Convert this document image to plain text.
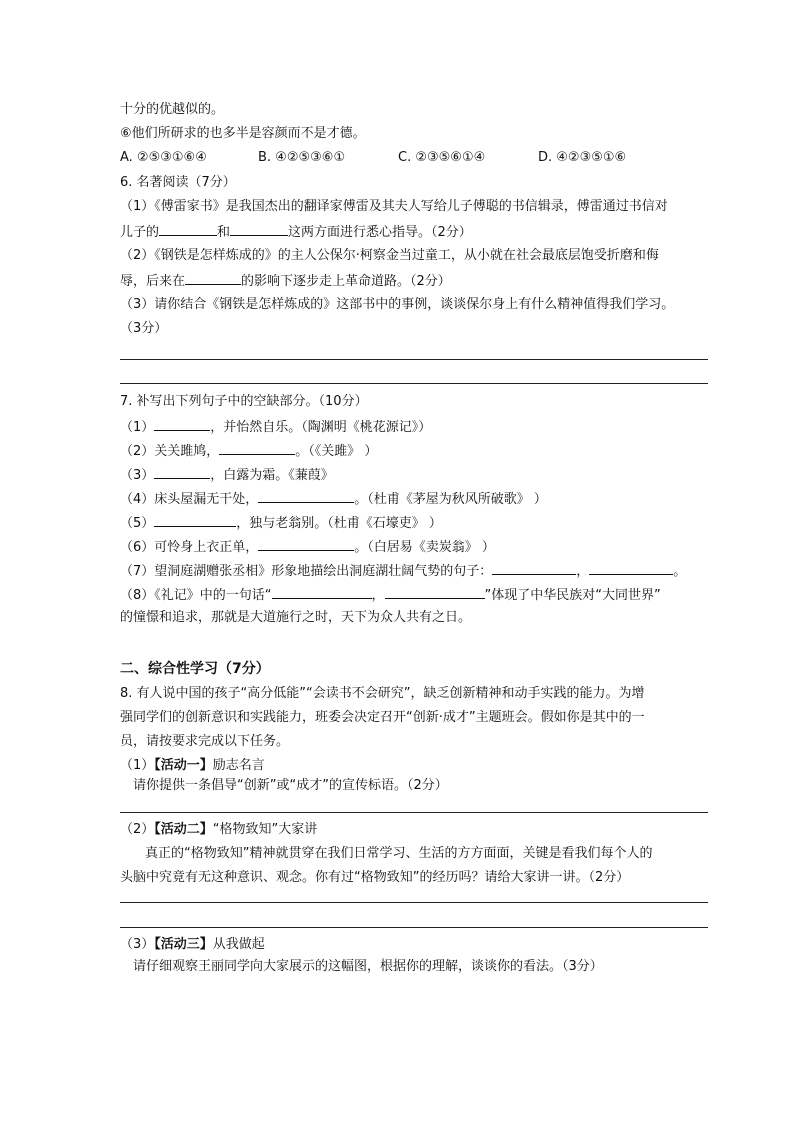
十分的优越似的。
⑥他们所研求的也多半是容颜而不是才德。
A. ②⑤③①⑥④	B. ④②⑤③⑥①	C. ②③⑤⑥①④	D. ④②③⑤①⑥
6. 名著阅读（7分）
（1）《傅雷家书》是我国杰出的翻译家傅雷及其夫人写给儿子傅聪的书信辑录，傅雷通过书信对
儿子的	和	这两方面进行悉心指导。（2分）
（2）《钢铁是怎样炼成的》的主人公保尔·柯察金当过童工，从小就在社会最底层饱受折磨和侮
辱，后来在	的影响下逐步走上革命道路。（2分）
（3）请你结合《钢铁是怎样炼成的》这部书中的事例，谈谈保尔身上有什么精神值得我们学习。
（3分）
7. 补写出下列句子中的空缺部分。（10分）
（1）	，并怡然自乐。（陶渊明《桃花源记》）
（2）关关雎鸠，	。（《关雎》 ）
（3）	，白露为霜。《蒹葭》
（4）床头屋漏无干处，	。（杜甫《茅屋为秋风所破歌》 ）
（5）	，独与老翁别。（杜甫《石壕吏》 ）
（6）可怜身上衣正单，	。（白居易《卖炭翁》 ）
（7）望洞庭湖赠张丞相》形象地描绘出洞庭湖壮阔气势的句子：	，	。
（8）《礼记》中的一句话“	，	”体现了中华民族对“大同世界”
的憧憬和追求，那就是大道施行之时，天下为众人共有之日。
二、综合性学习（7分）
8. 有人说中国的孩子“高分低能”“会读书不会研究”，缺乏创新精神和动手实践的能力。为增
强同学们的创新意识和实践能力，班委会决定召开“创新·成才”主题班会。假如你是其中的一
员，请按要求完成以下任务。
（1）【活动一】励志名言
请你提供一条倡导“创新”或“成才”的宣传标语。（2分）
（2）【活动二】“格物致知”大家讲
真正的“格物致知”精神就贯穿在我们日常学习、生活的方方面面，关键是看我们每个人的
头脑中究竟有无这种意识、观念。你有过“格物致知”的经历吗？请给大家讲一讲。（2分）
（3）【活动三】从我做起
请仔细观察王丽同学向大家展示的这幅图，根据你的理解，谈谈你的看法。（3分）
